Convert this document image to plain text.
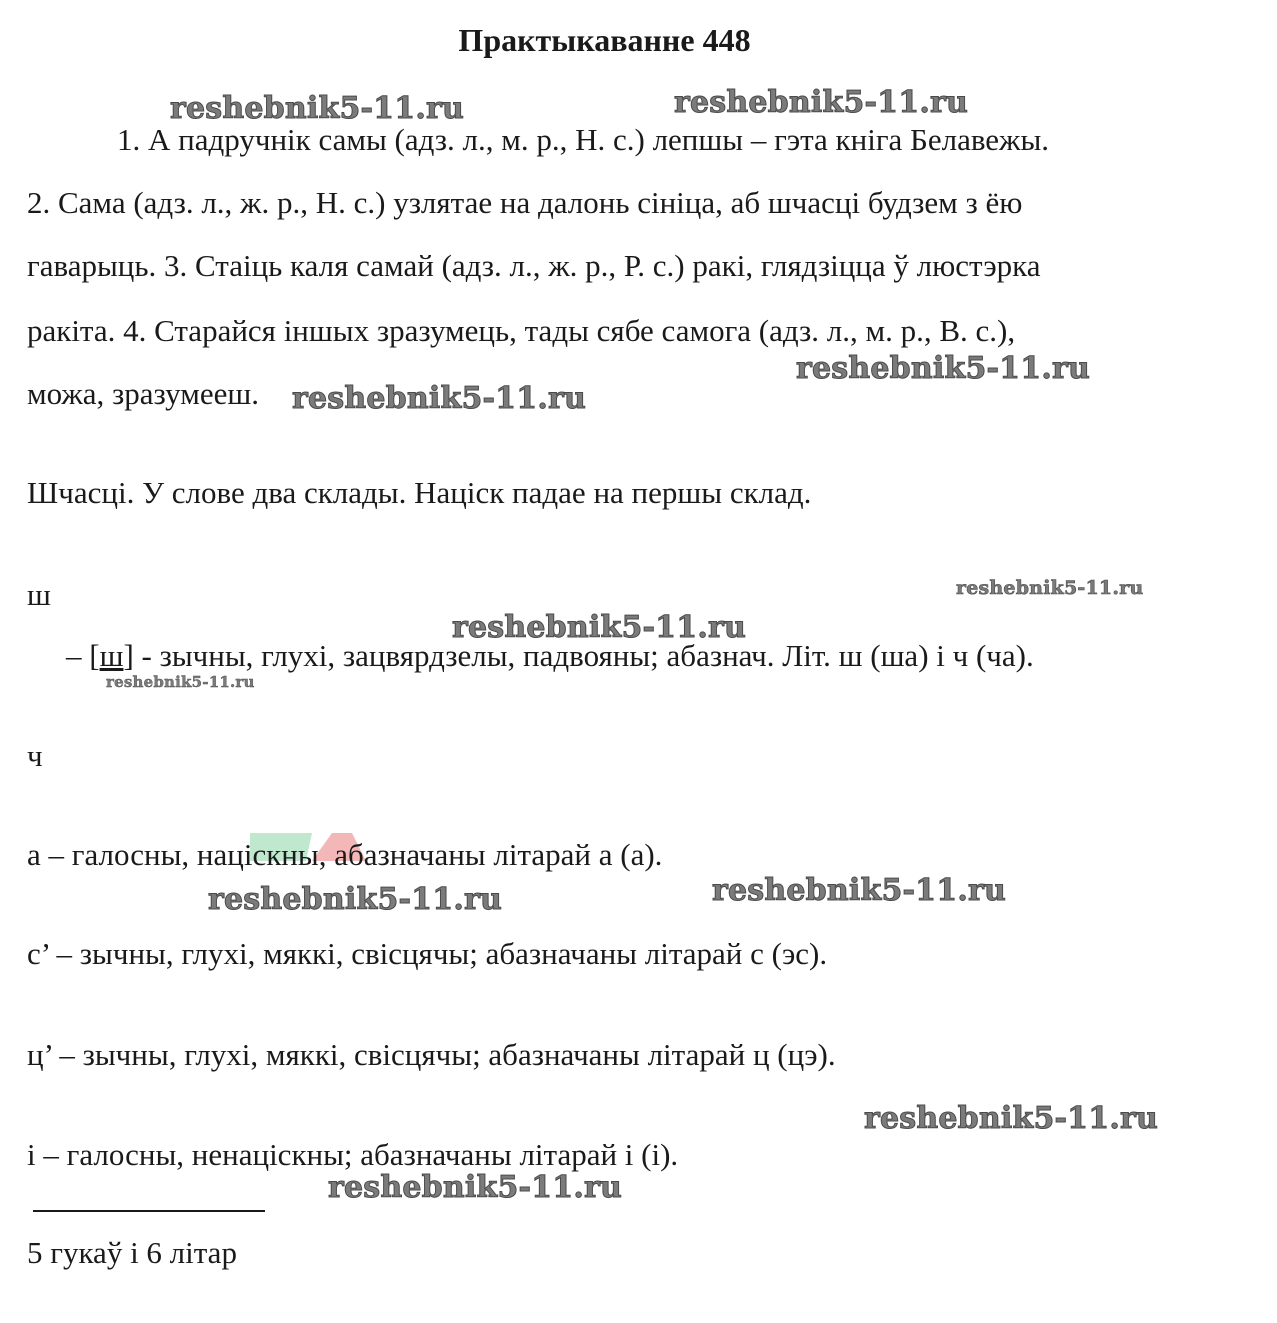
Практыкаванне 448
1. А падручнік самы (адз. л., м. р., Н. с.) лепшы – гэта кніга Белавежы.
2. Сама (адз. л., ж. р., Н. с.) узлятае на далонь сініца, аб шчасці будзем з ёю
гаварыць. 3. Стаіць каля самай (адз. л., ж. р., Р. с.) ракі, глядзіцца ў люстэрка
ракіта. 4. Старайся іншых зразумець, тады сябе самога (адз. л., м. р., В. с.),
можа, зразумееш.
Шчасці. У слове два склады. Націск падае на першы склад.
ш
– [ш] - зычны, глухі, зацвярдзелы, падвояны; абазнач. Літ. ш (ша) і ч (ча).
ч
а – галосны, націскны, абазначаны літарай а (а).
с’ – зычны, глухі, мяккі, свісцячы; абазначаны літарай с (эс).
ц’ – зычны, глухі, мяккі, свісцячы; абазначаны літарай ц (цэ).
і – галосны, ненаціскны; абазначаны літарай і (і).
5 гукаў і 6 літар
reshebnik5-11.ru	reshebnik5-11.ru
reshebnik5-11.ru
reshebnik5-11.ru
reshebnik5-11.ru
reshebnik5-11.ru
reshebnik5-11.ru
reshebnik5-11.ru	reshebnik5-11.ru
reshebnik5-11.ru
reshebnik5-11.ru
